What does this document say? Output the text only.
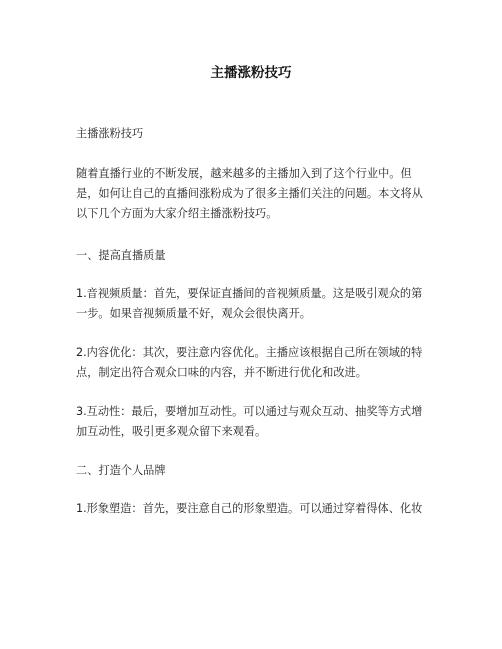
主播涨粉技巧

主播涨粉技巧

随着直播行业的不断发展，越来越多的主播加入到了这个行业中。但是，如何让自己的直播间涨粉成为了很多主播们关注的问题。本文将从以下几个方面为大家介绍主播涨粉技巧。

一、提高直播质量

1.音视频质量：首先，要保证直播间的音视频质量。这是吸引观众的第一步。如果音视频质量不好，观众会很快离开。

2.内容优化：其次，要注意内容优化。主播应该根据自己所在领域的特点，制定出符合观众口味的内容，并不断进行优化和改进。

3.互动性：最后，要增加互动性。可以通过与观众互动、抽奖等方式增加互动性，吸引更多观众留下来观看。

二、打造个人品牌

1.形象塑造：首先，要注意自己的形象塑造。可以通过穿着得体、化妆
